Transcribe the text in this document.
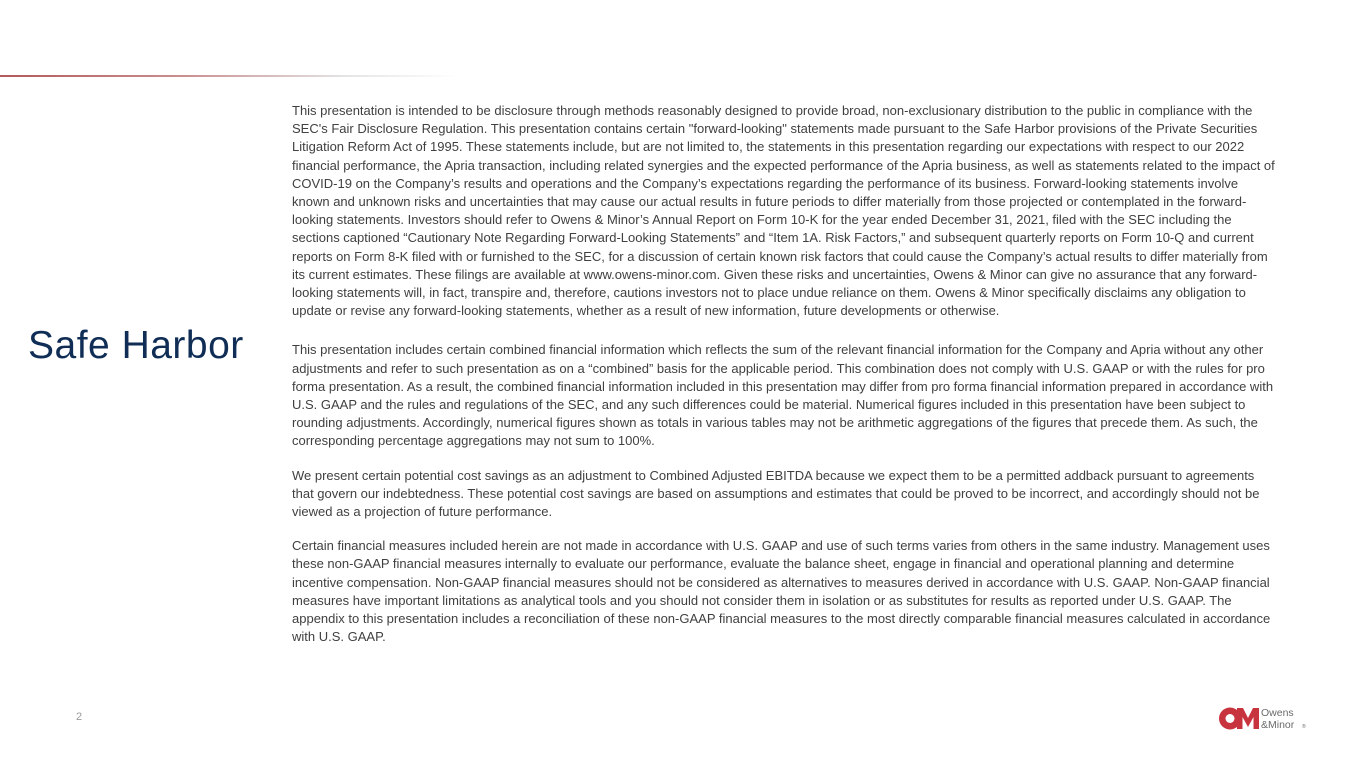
Safe Harbor

This presentation is intended to be disclosure through methods reasonably designed to provide broad, non-exclusionary distribution to the public in compliance with the SEC's Fair Disclosure Regulation. This presentation contains certain "forward-looking" statements made pursuant to the Safe Harbor provisions of the Private Securities Litigation Reform Act of 1995. These statements include, but are not limited to, the statements in this presentation regarding our expectations with respect to our 2022 financial performance, the Apria transaction, including related synergies and the expected performance of the Apria business, as well as statements related to the impact of COVID-19 on the Company’s results and operations and the Company’s expectations regarding the performance of its business. Forward-looking statements involve known and unknown risks and uncertainties that may cause our actual results in future periods to differ materially from those projected or contemplated in the forward-looking statements. Investors should refer to Owens & Minor’s Annual Report on Form 10-K for the year ended December 31, 2021, filed with the SEC including the sections captioned “Cautionary Note Regarding Forward-Looking Statements” and “Item 1A. Risk Factors,” and subsequent quarterly reports on Form 10-Q and current reports on Form 8-K filed with or furnished to the SEC, for a discussion of certain known risk factors that could cause the Company’s actual results to differ materially from its current estimates. These filings are available at www.owens-minor.com. Given these risks and uncertainties, Owens & Minor can give no assurance that any forward-looking statements will, in fact, transpire and, therefore, cautions investors not to place undue reliance on them. Owens & Minor specifically disclaims any obligation to update or revise any forward-looking statements, whether as a result of new information, future developments or otherwise.

This presentation includes certain combined financial information which reflects the sum of the relevant financial information for the Company and Apria without any other adjustments and refer to such presentation as on a “combined” basis for the applicable period. This combination does not comply with U.S. GAAP or with the rules for pro forma presentation. As a result, the combined financial information included in this presentation may differ from pro forma financial information prepared in accordance with U.S. GAAP and the rules and regulations of the SEC, and any such differences could be material. Numerical figures included in this presentation have been subject to rounding adjustments. Accordingly, numerical figures shown as totals in various tables may not be arithmetic aggregations of the figures that precede them. As such, the corresponding percentage aggregations may not sum to 100%.

We present certain potential cost savings as an adjustment to Combined Adjusted EBITDA because we expect them to be a permitted addback pursuant to agreements that govern our indebtedness. These potential cost savings are based on assumptions and estimates that could be proved to be incorrect, and accordingly should not be viewed as a projection of future performance.

Certain financial measures included herein are not made in accordance with U.S. GAAP and use of such terms varies from others in the same industry. Management uses these non-GAAP financial measures internally to evaluate our performance, evaluate the balance sheet, engage in financial and operational planning and determine incentive compensation. Non-GAAP financial measures should not be considered as alternatives to measures derived in accordance with U.S. GAAP. Non-GAAP financial measures have important limitations as analytical tools and you should not consider them in isolation or as substitutes for results as reported under U.S. GAAP. The appendix to this presentation includes a reconciliation of these non-GAAP financial measures to the most directly comparable financial measures calculated in accordance with U.S. GAAP.

2	Owens
&Minor ®
